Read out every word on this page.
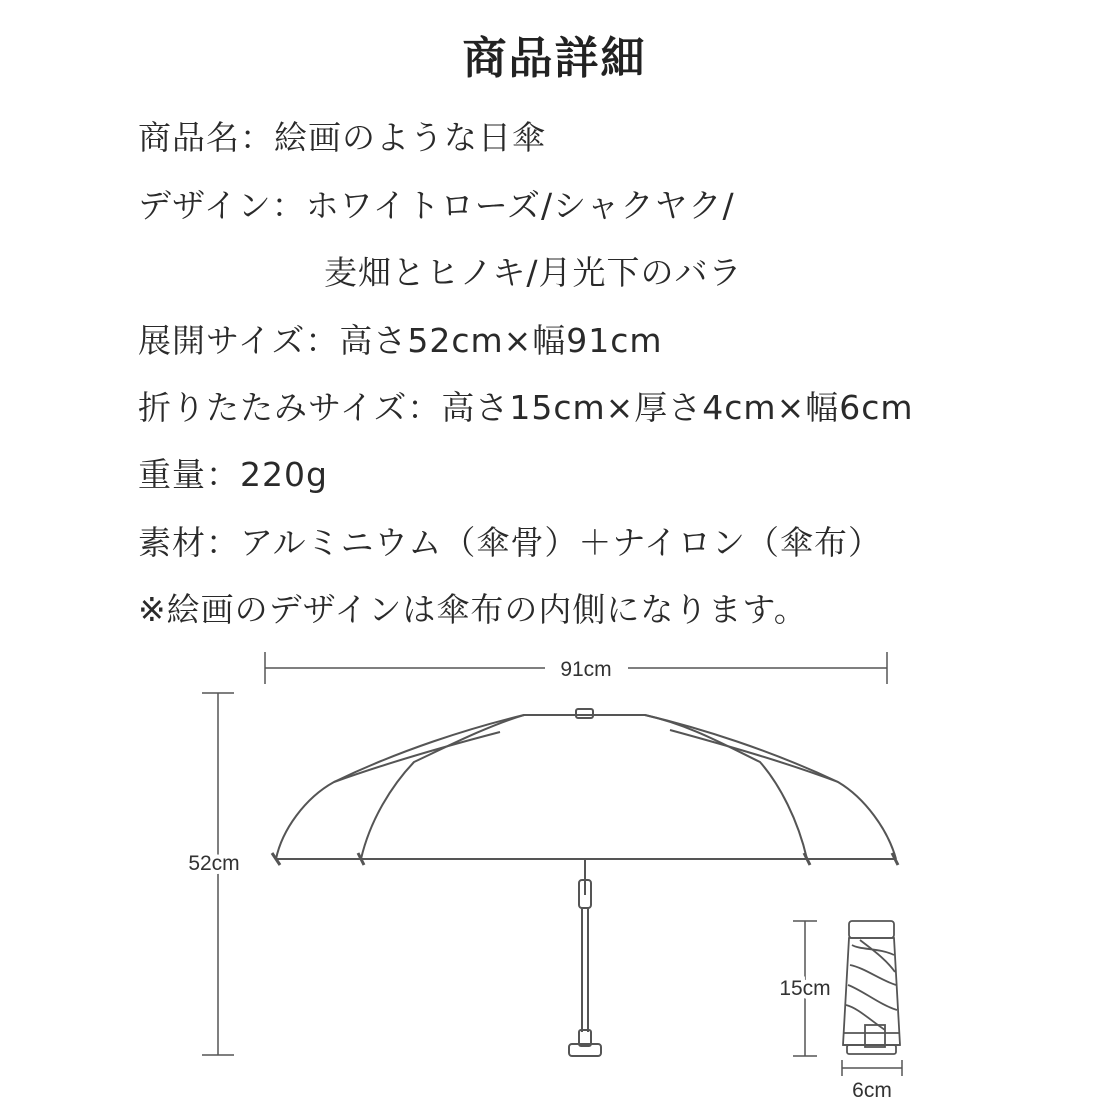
商品詳細
商品名：絵画のような日傘
デザイン：ホワイトローズ/シャクヤク/
麦畑とヒノキ/月光下のバラ
展開サイズ：高さ52cm×幅91cm
折りたたみサイズ：高さ15cm×厚さ4cm×幅6cm
重量：220g
素材：アルミニウム（傘骨）＋ナイロン（傘布）
※絵画のデザインは傘布の内側になります。
91cm
52cm
15cm
6cm
